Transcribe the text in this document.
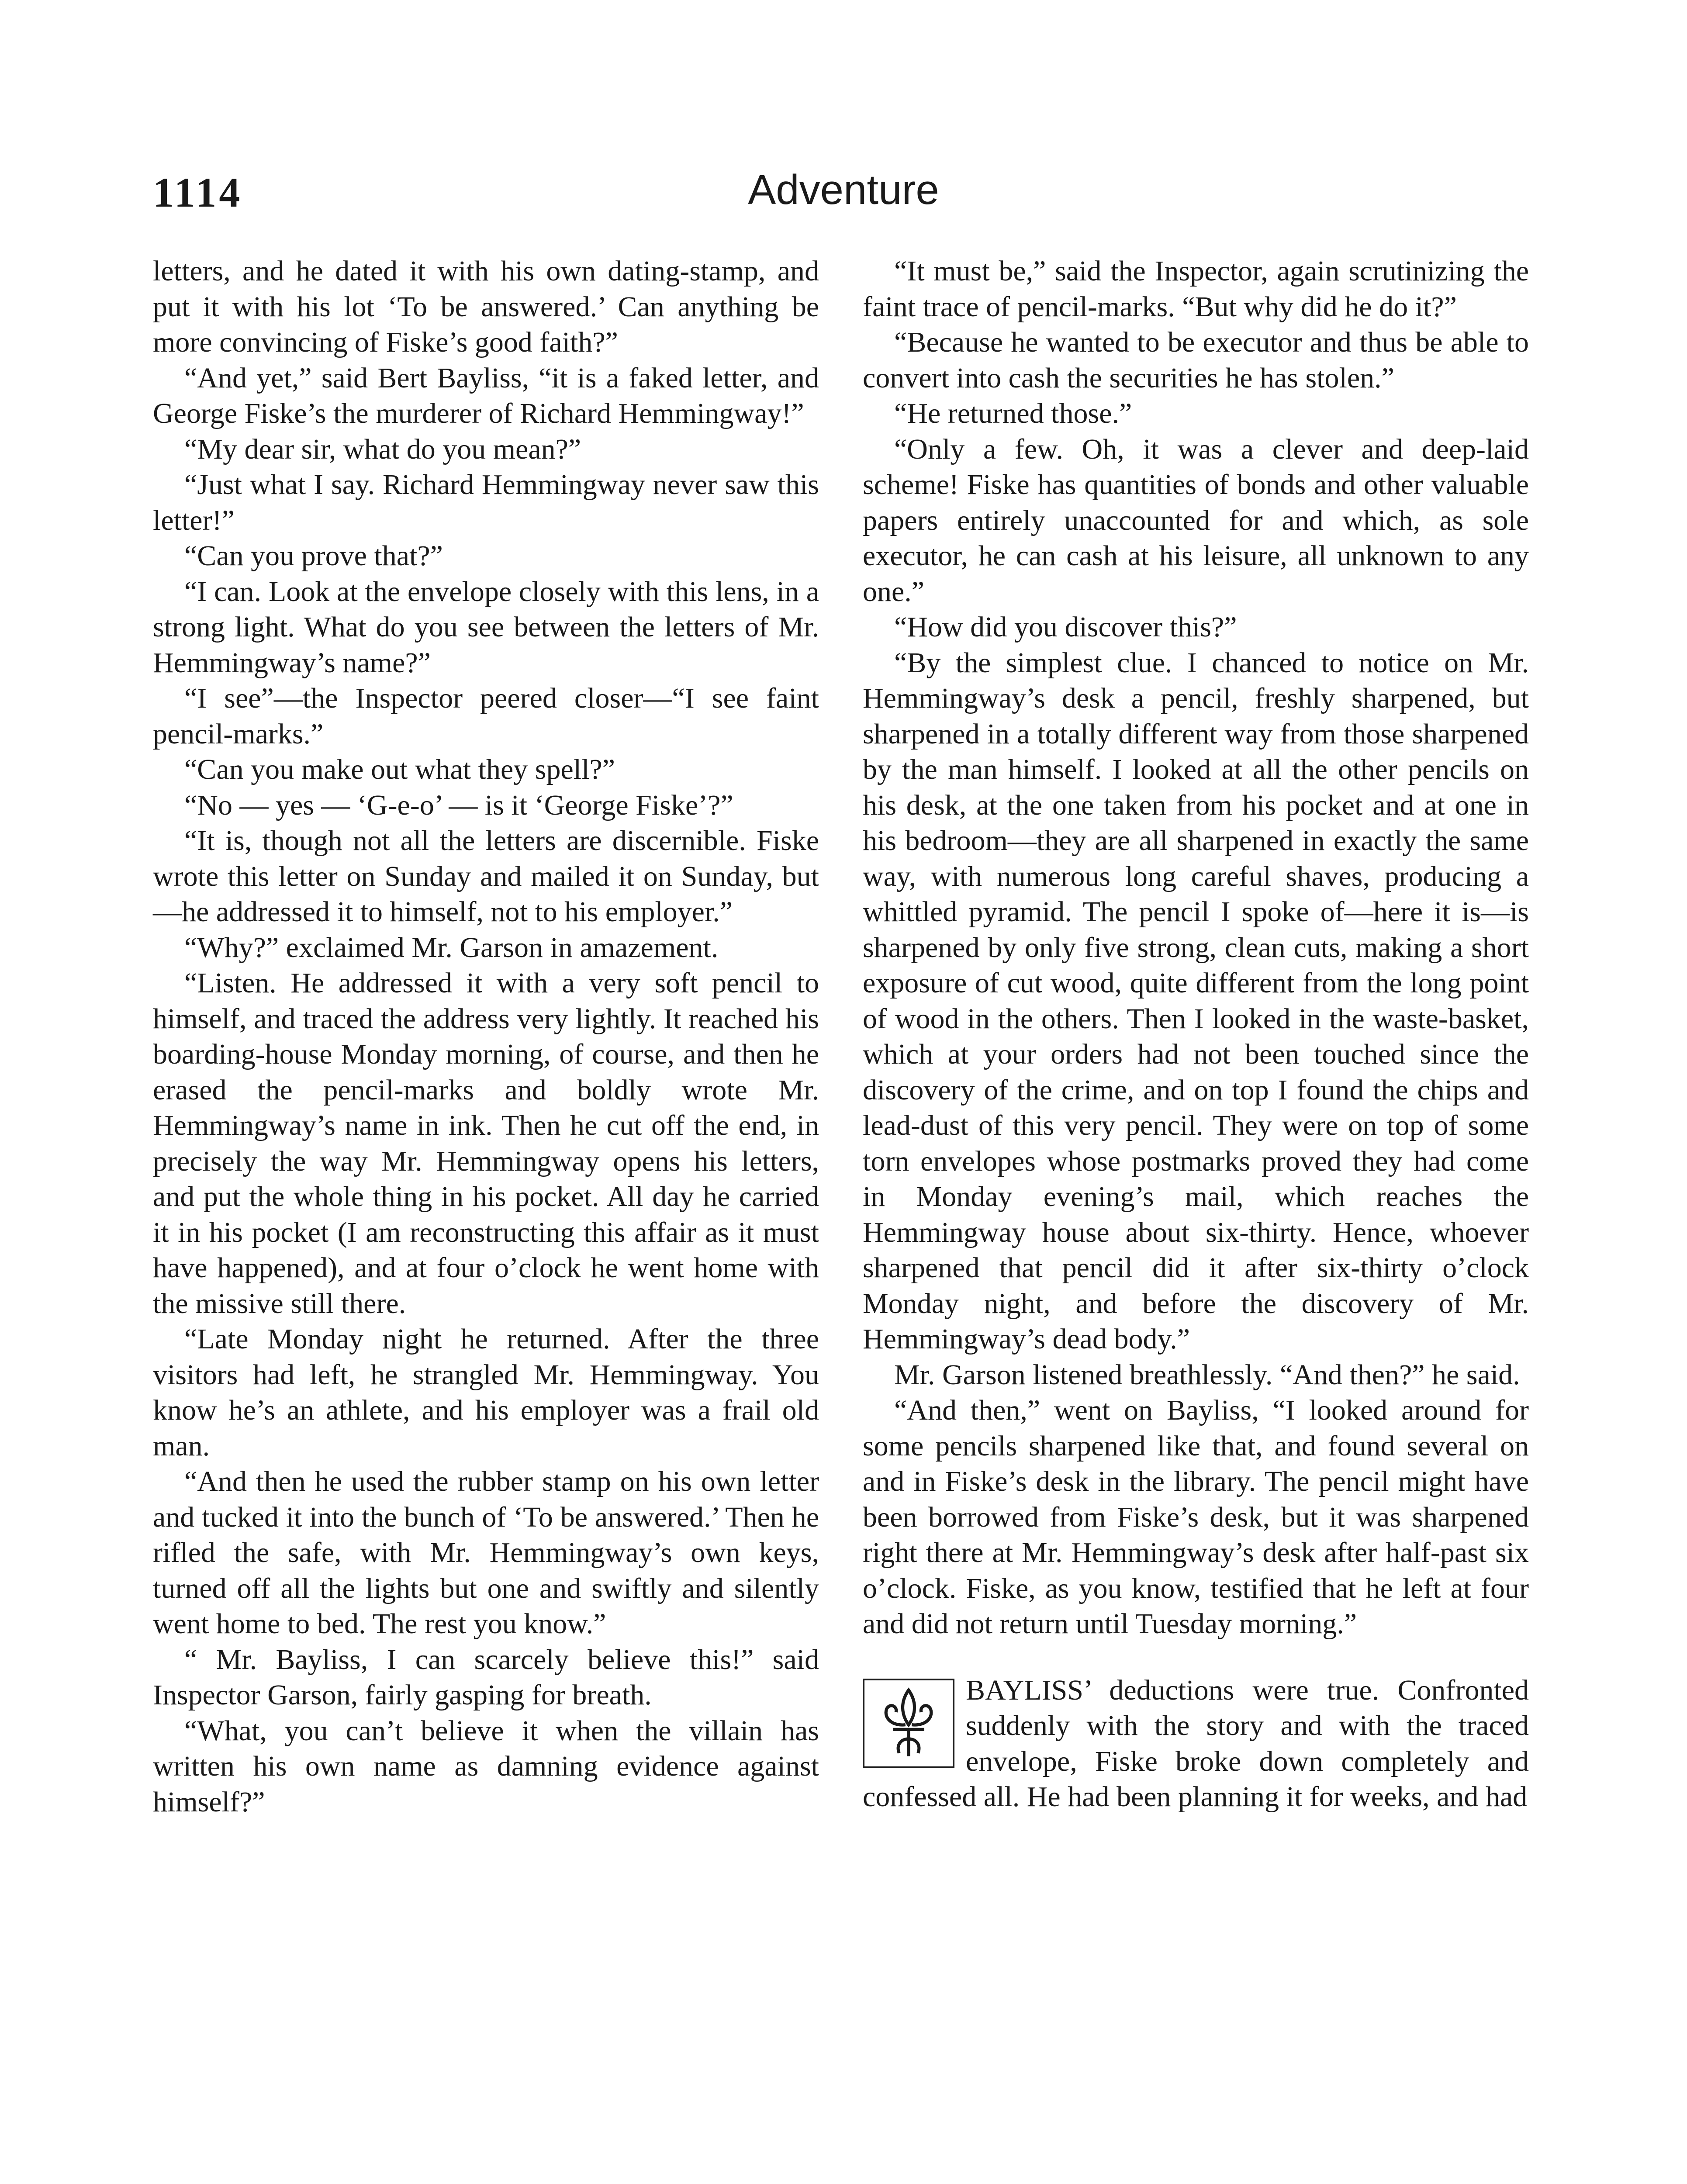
1114	Adventure

letters, and he dated it with his own dating-stamp, and put it with his lot ‘To be answered.’ Can anything be more convincing of Fiske’s good faith?”

“And yet,” said Bert Bayliss, “it is a faked letter, and George Fiske’s the murderer of Richard Hemmingway!”

“My dear sir, what do you mean?”

“Just what I say. Richard Hemmingway never saw this letter!”

“Can you prove that?”

“I can. Look at the envelope closely with this lens, in a strong light. What do you see between the letters of Mr. Hemmingway’s name?”

“I see”—the Inspector peered closer—“I see faint pencil-marks.”

“Can you make out what they spell?”

“No — yes — ‘G-e-o’ — is it ‘George Fiske’?”

“It is, though not all the letters are discernible. Fiske wrote this letter on Sunday and mailed it on Sunday, but—he addressed it to himself, not to his employer.”

“Why?” exclaimed Mr. Garson in amazement.

“Listen. He addressed it with a very soft pencil to himself, and traced the address very lightly. It reached his boarding-house Monday morning, of course, and then he erased the pencil-marks and boldly wrote Mr. Hemmingway’s name in ink. Then he cut off the end, in precisely the way Mr. Hemmingway opens his letters, and put the whole thing in his pocket. All day he carried it in his pocket (I am reconstructing this affair as it must have happened), and at four o’clock he went home with the missive still there.

“Late Monday night he returned. After the three visitors had left, he strangled Mr. Hemmingway. You know he’s an athlete, and his employer was a frail old man.

“And then he used the rubber stamp on his own letter and tucked it into the bunch of ‘To be answered.’ Then he rifled the safe, with Mr. Hemmingway’s own keys, turned off all the lights but one and swiftly and silently went home to bed. The rest you know.”

“ Mr. Bayliss, I can scarcely believe this!” said Inspector Garson, fairly gasping for breath.

“What, you can’t believe it when the villain has written his own name as damning evidence against himself?”

“It must be,” said the Inspector, again scrutinizing the faint trace of pencil-marks. “But why did he do it?”

“Because he wanted to be executor and thus be able to convert into cash the securities he has stolen.”

“He returned those.”

“Only a few. Oh, it was a clever and deep-laid scheme! Fiske has quantities of bonds and other valuable papers entirely unaccounted for and which, as sole executor, he can cash at his leisure, all unknown to any one.”

“How did you discover this?”

“By the simplest clue. I chanced to notice on Mr. Hemmingway’s desk a pencil, freshly sharpened, but sharpened in a totally different way from those sharpened by the man himself. I looked at all the other pencils on his desk, at the one taken from his pocket and at one in his bedroom—they are all sharpened in exactly the same way, with numerous long careful shaves, producing a whittled pyramid. The pencil I spoke of—here it is—is sharpened by only five strong, clean cuts, making a short exposure of cut wood, quite different from the long point of wood in the others. Then I looked in the waste-basket, which at your orders had not been touched since the discovery of the crime, and on top I found the chips and lead-dust of this very pencil. They were on top of some torn envelopes whose postmarks proved they had come in Monday evening’s mail, which reaches the Hemmingway house about six-thirty. Hence, whoever sharpened that pencil did it after six-thirty o’clock Monday night, and before the discovery of Mr. Hemmingway’s dead body.”

Mr. Garson listened breathlessly. “And then?” he said.

“And then,” went on Bayliss, “I looked around for some pencils sharpened like that, and found several on and in Fiske’s desk in the library. The pencil might have been borrowed from Fiske’s desk, but it was sharpened right there at Mr. Hemmingway’s desk after half-past six o’clock. Fiske, as you know, testified that he left at four and did not return until Tuesday morning.”

BAYLISS’ deductions were true. Confronted suddenly with the story and with the traced envelope, Fiske broke down completely and confessed all. He had been planning it for weeks, and had
